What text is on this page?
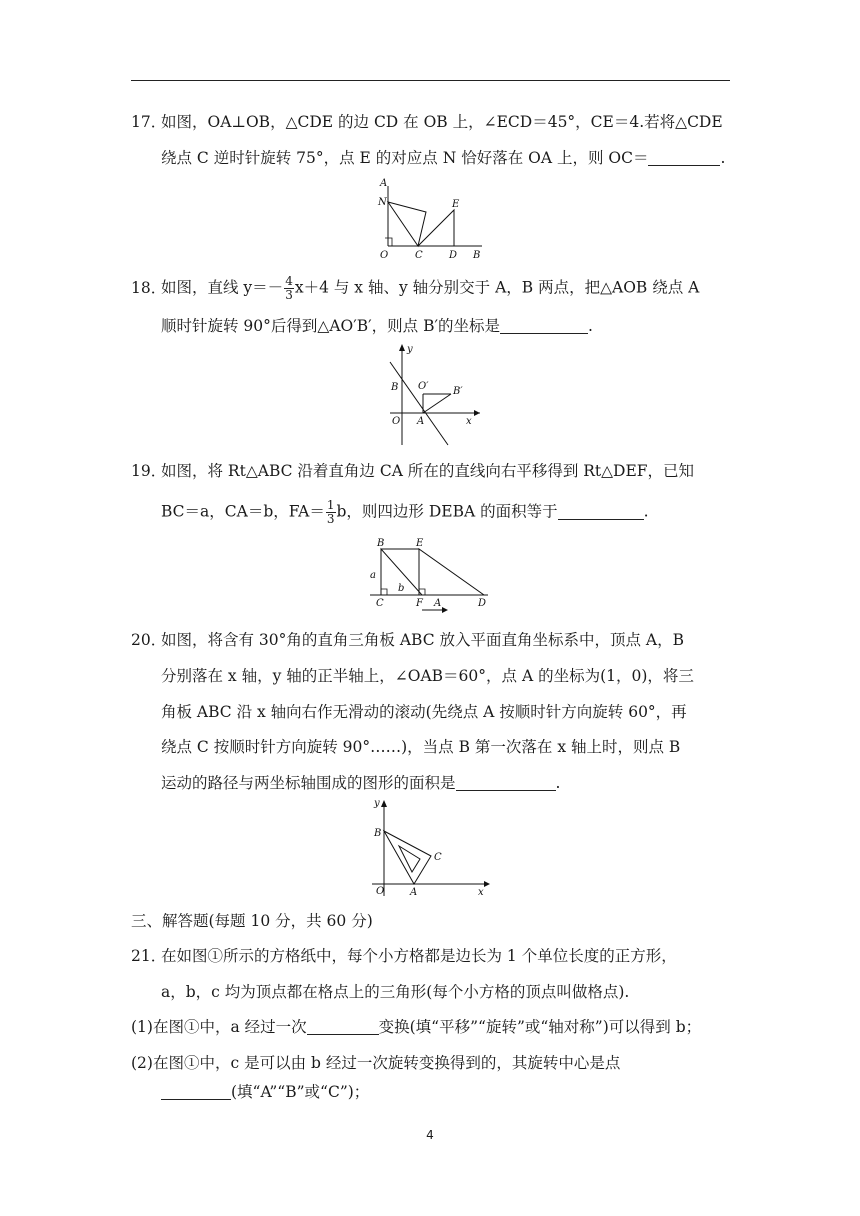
17．如图，OA⊥OB，△CDE 的边 CD 在 OB 上，∠ECD＝45°，CE＝4.若将△CDE
绕点 C 逆时针旋转 75°，点 E 的对应点 N 恰好落在 OA 上，则 OC＝	.
A
N	E
O	C	D B
18．如图，直线 $y=- \frac{4}{3} x+4$ 与 x 轴、y 轴分别交于 A，B 两点，把△AOB 绕点 A
顺时针旋转 90°后得到△AO′B′，则点 B′的坐标是	.
y
B O′ B′
O A	x
19．如图，将 Rt△ABC 沿着直角边 CA 所在的直线向右平移得到 Rt△DEF，已知
BC＝a，CA＝b，$FA= \frac{1}{3}$ b，则四边形 DEBA 的面积等于	.
B	E
a
b
C	F A	D
20．如图，将含有 30°角的直角三角板 ABC 放入平面直角坐标系中，顶点 A，B
分别落在 x 轴，y 轴的正半轴上，∠OAB＝60°，点 A 的坐标为(1，0)，将三
角板 ABC 沿 x 轴向右作无滑动的滚动(先绕点 A 按顺时针方向旋转 60°，再
绕点 C 按顺时针方向旋转 90°……)，当点 B 第一次落在 x 轴上时，则点 B
运动的路径与两坐标轴围成的图形的面积是	.
y
B
C
O	A	x
三、解答题(每题 10 分，共 60 分)
21．在如图①所示的方格纸中，每个小方格都是边长为 1 个单位长度的正方形，
a，b，c 均为顶点都在格点上的三角形(每个小方格的顶点叫做格点).
(1)在图①中，a 经过一次	变换(填“平移”“旋转”或“轴对称”)可以得到 b；
(2)在图①中，c 是可以由 b 经过一次旋转变换得到的，其旋转中心是点
(填“A”“B”或“C”)；
4
